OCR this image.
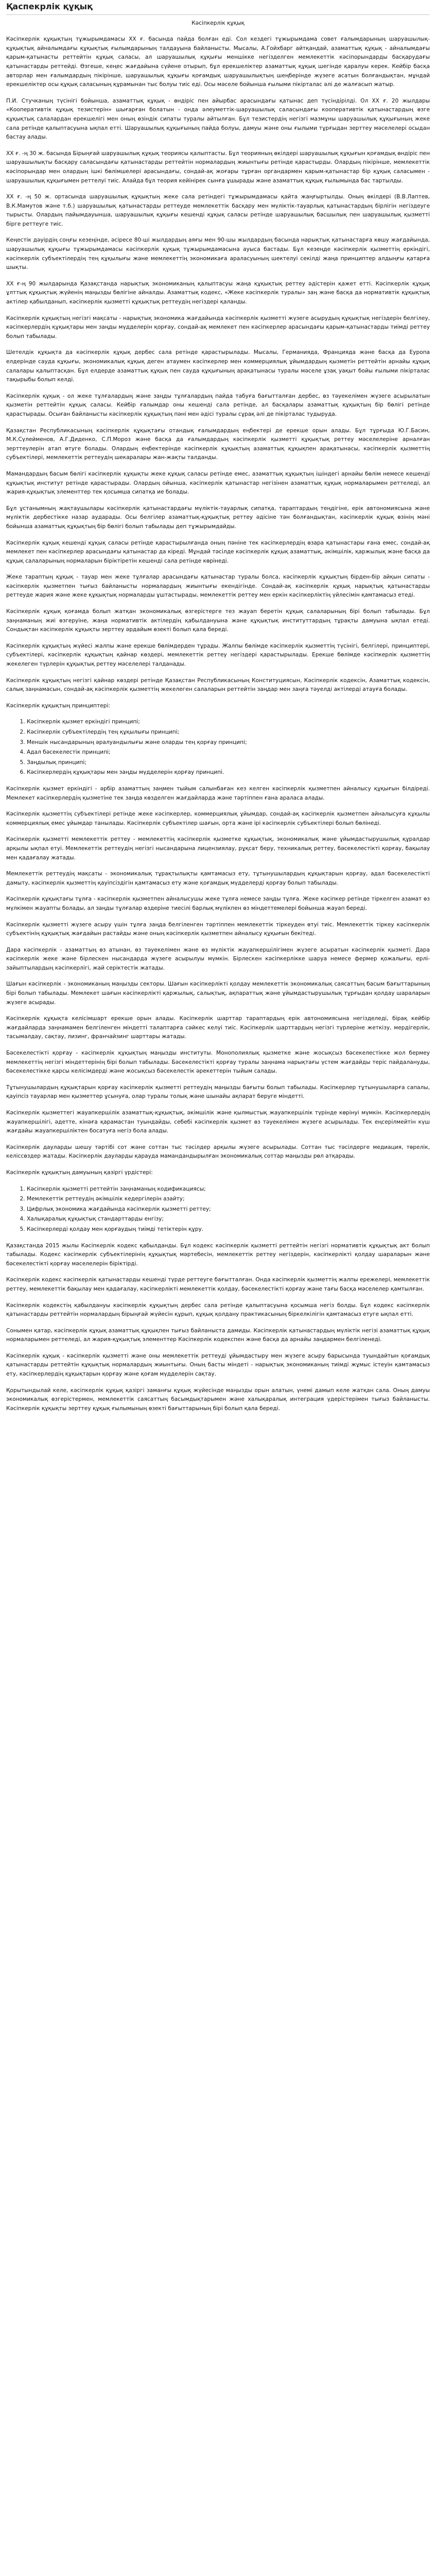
Қаспекрлік құқық

Кәсіпкерлік құқық

Кәсіпкерлік құқықтың тұжырымдамасы ХХ ғ. басында пайда болған еді. Сол кездегі тұжырымдама совет ғалымдарының шаруашылық-құқықтық айналымдағы құқықтық ғылымдарының талдауына байланысты. Мысалы, А.Гойхбарг айтқандай, азаматтық құқық - айналымдағы қарым-қатынасты реттейтін құқық саласы, ал шаруашылық құқығы меншікке негізделген мемлекеттік кәсіпорындарды басқарудағы қатынастарды реттейді. Өзгеше, кеңес жағдайына сүйене отырып, бұл ерекшеліктер азаматтық құқық шегінде қаралуы керек. Кейбір басқа авторлар мен ғалымдардың пікірінше, шаруашылық құқығы қоғамдық шаруашылықтың шеңберінде жүзеге асатын болғандықтан, мұндай ерекшеліктер осы құқық саласының құрамынан тыс болуы тиіс еді. Осы мәселе бойынша ғылыми пікірталас әлі де жалғасып жатыр.

П.И. Стучканың түсінігі бойынша, азаматтық құқық - өндіріс пен айырбас арасындағы қатынас деп түсіндірілді. Ол ХХ ғ. 20 жылдары «Кооперативтік құқық тезистерін» шығарған болатын - онда әлеуметтік-шаруашылық саласындағы кооперативтік қатынастардың өзге құқықтық салалардан ерекшелігі мен оның өзіндік сипаты туралы айтылған. Бұл тезистердің негізгі мазмұны шаруашылық құқығының жеке сала ретінде қалыптасуына ықпал етті. Шаруашылық құқығының пайда болуы, дамуы және оны ғылыми тұрғыдан зерттеу мәселелері осыдан бастау алады.

ХХ ғ. -ң 30 ж. басында Бірыңғай шаруашылық құқық теориясы қалыптасты. Бұл теорияның өкілдері шаруашылық құқығын қоғамдық өндіріс пен шаруашылықты басқару саласындағы қатынастарды реттейтін нормалардың жиынтығы ретінде қарастырды. Олардың пікірінше, мемлекеттік кәсіпорындар мен олардың ішкі бөлімшелері арасындағы, сондай-ақ жоғары тұрған органдармен қарым-қатынастар бір құқық саласымен - шаруашылық құқығымен реттелуі тиіс. Алайда бұл теория кейінірек сынға ұшырады және азаматтық құқық ғылымында бас тартылды.

ХХ ғ. -ң 50 ж. ортасында шаруашылық құқықтың жеке сала ретіндегі тұжырымдамасы қайта жаңғыртылды. Оның өкілдері (В.В.Лаптев, В.К.Мамутов және т.б.) шаруашылық қатынастарды реттеуде мемлекеттік басқару мен мүліктік-тауарлық қатынастардың бірлігін негіздеуге тырысты. Олардың пайымдауынша, шаруашылық құқығы кешенді құқық саласы ретінде шаруашылық басшылық пен шаруашылық қызметті бірге реттеуге тиіс.

Кеңестік дәуірдің соңғы кезеңінде, әсіресе 80-ші жылдардың аяғы мен 90-шы жылдардың басында нарықтық қатынастарға көшу жағдайында, шаруашылық құқығы тұжырымдамасы кәсіпкерлік құқық тұжырымдамасына ауыса бастады. Бұл кезеңде кәсіпкерлік қызметтің еркіндігі, кәсіпкерлік субъектілердің тең құқылығы және мемлекеттің экономикаға араласуының шектелуі секілді жаңа принциптер алдыңғы қатарға шықты.

ХХ ғ-ң 90 жылдарында Қазақстанда нарықтық экономиканың қалыптасуы жаңа құқықтық реттеу әдістерін қажет етті. Кәсіпкерлік құқық ұлттық құқықтық жүйенің маңызды бөлігіне айналды. Азаматтық кодекс, «Жеке кәсіпкерлік туралы» заң және басқа да нормативтік құқықтық актілер қабылданып, кәсіпкерлік қызметті құқықтық реттеудің негіздері қаланды.

Кәсіпкерлік құқықтың негізгі мақсаты - нарықтық экономика жағдайында кәсіпкерлік қызметті жүзеге асырудың құқықтық негіздерін белгілеу, кәсіпкерлердің құқықтары мен заңды мүдделерін қорғау, сондай-ақ мемлекет пен кәсіпкерлер арасындағы қарым-қатынастарды тиімді реттеу болып табылады.

Шетелдік құқықта да кәсіпкерлік құқық дербес сала ретінде қарастырылады. Мысалы, Германияда, Францияда және басқа да Еуропа елдерінде сауда құқығы, экономикалық құқық деген атаумен кәсіпкерлер мен коммерциялық ұйымдардың қызметін реттейтін арнайы құқық салалары қалыптасқан. Бұл елдерде азаматтық құқық пен сауда құқығының арақатынасы туралы мәселе ұзақ уақыт бойы ғылыми пікірталас тақырыбы болып келді.

Кәсіпкерлік құқық - ол жеке тұлғалардың және заңды тұлғалардың пайда табуға бағытталған дербес, өз тәуекелімен жүзеге асырылатын қызметін реттейтін құқық саласы. Кейбір ғалымдар оны кешенді сала ретінде, ал басқалары азаматтық құқықтың бір бөлігі ретінде қарастырады. Осыған байланысты кәсіпкерлік құқықтың пәні мен әдісі туралы сұрақ әлі де пікірталас тудыруда.

Қазақстан Республикасының кәсіпкерлік құқықтағы отандық ғалымдардың еңбектері де ерекше орын алады. Бұл тұрғыда Ю.Г.Басин, М.К.Сүлейменов, А.Г.Диденко, С.П.Мороз және басқа да ғалымдардың кәсіпкерлік қызметті құқықтық реттеу мәселелеріне арналған зерттеулерін атап өтуге болады. Олардың еңбектерінде кәсіпкерлік құқықтың азаматтық құқықпен арақатынасы, кәсіпкерлік қызметтің субъектілері, мемлекеттік реттеудің шекаралары жан-жақты талданды.

Мамандардың басым бөлігі кәсіпкерлік құқықты жеке құқық саласы ретінде емес, азаматтық құқықтың ішіндегі арнайы бөлім немесе кешенді құқықтық институт ретінде қарастырады. Олардың ойынша, кәсіпкерлік қатынастар негізінен азаматтық құқық нормаларымен реттеледі, ал жария-құқықтық элементтер тек қосымша сипатқа ие болады.

Бұл ұстанымның жақтаушылары кәсіпкерлік қатынастардағы мүліктік-тауарлық сипатқа, тараптардың теңдігіне, ерік автономиясына және мүліктік дербестікке назар аударады. Осы белгілер азаматтық-құқықтық реттеу әдісіне тән болғандықтан, кәсіпкерлік құқық өзінің мәні бойынша азаматтық құқықтың бір бөлігі болып табылады деп тұжырымдайды.

Кәсіпкерлік құқық кешенді құқық саласы ретінде қарастырылғанда оның пәніне тек кәсіпкерлердің өзара қатынастары ғана емес, сондай-ақ мемлекет пен кәсіпкерлер арасындағы қатынастар да кіреді. Мұндай тәсілде кәсіпкерлік құқық азаматтық, әкімшілік, қаржылық және басқа да құқық салаларының нормаларын біріктіретін кешенді сала ретінде көрінеді.

Жеке тараптың құқық - тауар мен жеке тұлғалар арасындағы қатынастар туралы болса, кәсіпкерлік құқықтың бірден-бір айқын сипаты - кәсіпкерлік қызметпен тығыз байланысты нормалардың жиынтығы екендігінде. Сондай-ақ кәсіпкерлік құқық нарықтық қатынастарды реттеуде жария және жеке құқықтық нормаларды ұштастырады, мемлекеттік реттеу мен еркін кәсіпкерліктің үйлесімін қамтамасыз етеді.

Кәсіпкерлік құқық қоғамда болып жатқан экономикалық өзгерістерге тез жауап беретін құқық салаларының бірі болып табылады. Бұл заңнаманың жиі өзгеруіне, жаңа нормативтік актілердің қабылдануына және құқықтық институттардың тұрақты дамуына ықпал етеді. Сондықтан кәсіпкерлік құқықты зерттеу әрдайым өзекті болып қала береді.

Кәсіпкерлік құқықтың жүйесі жалпы және ерекше бөлімдерден тұрады. Жалпы бөлімде кәсіпкерлік қызметтің түсінігі, белгілері, принциптері, субъектілері, кәсіпкерлік құқықтың қайнар көздері, мемлекеттік реттеу негіздері қарастырылады. Ерекше бөлімде кәсіпкерлік қызметтің жекелеген түрлерін құқықтық реттеу мәселелері талданады.

Кәсіпкерлік құқықтың негізгі қайнар көздері ретінде Қазақстан Республикасының Конституциясын, Кәсіпкерлік кодексін, Азаматтық кодексін, салық заңнамасын, сондай-ақ кәсіпкерлік қызметтің жекелеген салаларын реттейтін заңдар мен заңға тәуелді актілерді атауға болады.

Кәсіпкерлік құқықтың принциптері:

1. Кәсіпкерлік қызмет еркіндігі принципі;
2. Кәсіпкерлік субъектілердің тең құқылығы принципі;
3. Меншік нысандарының әралуандылығы және оларды тең қорғау принципі;
4. Адал бәсекелестік принципі;
5. Заңдылық принципі;
6. Кәсіпкерлердің құқықтары мен заңды мүдделерін қорғау принципі.

Кәсіпкерлік қызмет еркіндігі - әрбір азаматтың заңмен тыйым салынбаған кез келген кәсіпкерлік қызметпен айналысу құқығын білдіреді. Мемлекет кәсіпкерлердің қызметіне тек заңда көзделген жағдайларда және тәртіппен ғана араласа алады.

Кәсіпкерлік қызметтің субъектілері ретінде жеке кәсіпкерлер, коммерциялық ұйымдар, сондай-ақ кәсіпкерлік қызметпен айналысуға құқылы коммерциялық емес ұйымдар танылады. Кәсіпкерлік субъектілер шағын, орта және ірі кәсіпкерлік субъектілері болып бөлінеді.

Кәсіпкерлік қызметті мемлекеттік реттеу - мемлекеттің кәсіпкерлік қызметке құқықтық, экономикалық және ұйымдастырушылық құралдар арқылы ықпал етуі. Мемлекеттік реттеудің негізгі нысандарына лицензиялау, рұқсат беру, техникалық реттеу, бәсекелестікті қорғау, бақылау мен қадағалау жатады.

Мемлекеттік реттеудің мақсаты - экономикалық тұрақтылықты қамтамасыз ету, тұтынушылардың құқықтарын қорғау, адал бәсекелестікті дамыту, кәсіпкерлік қызметтің қауіпсіздігін қамтамасыз ету және қоғамдық мүдделерді қорғау болып табылады.

Кәсіпкерлік құқықтағы тұлға - кәсіпкерлік қызметпен айналысушы жеке тұлға немесе заңды тұлға. Жеке кәсіпкер ретінде тіркелген азамат өз мүлкімен жауапты болады, ал заңды тұлғалар өздеріне тиесілі барлық мүлікпен өз міндеттемелері бойынша жауап береді.

Кәсіпкерлік қызметті жүзеге асыру үшін тұлға заңда белгіленген тәртіппен мемлекеттік тіркеуден өтуі тиіс. Мемлекеттік тіркеу кәсіпкерлік субъектінің құқықтық жағдайын растайды және оның кәсіпкерлік қызметпен айналысу құқығын бекітеді.

Дара кәсіпкерлік - азаматтың өз атынан, өз тәуекелімен және өз мүліктік жауапкершілігімен жүзеге асыратын кәсіпкерлік қызметі. Дара кәсіпкерлік жеке және бірлескен нысандарда жүзеге асырылуы мүмкін. Бірлескен кәсіпкерлікке шаруа немесе фермер қожалығы, ерлі-зайыптылардың кәсіпкерлігі, жай серіктестік жатады.

Шағын кәсіпкерлік - экономиканың маңызды секторы. Шағын кәсіпкерлікті қолдау мемлекеттік экономикалық саясаттың басым бағыттарының бірі болып табылады. Мемлекет шағын кәсіпкерлікті қаржылық, салықтық, ақпараттық және ұйымдастырушылық тұрғыдан қолдау шараларын жүзеге асырады.

Кәсіпкерлік құқықта келісімшарт ерекше орын алады. Кәсіпкерлік шарттар тараптардың ерік автономиясына негізделеді, бірақ кейбір жағдайларда заңнамамен белгіленген міндетті талаптарға сәйкес келуі тиіс. Кәсіпкерлік шарттардың негізгі түрлеріне жеткізу, мердігерлік, тасымалдау, сақтау, лизинг, франчайзинг шарттары жатады.

Бәсекелестікті қорғау - кәсіпкерлік құқықтың маңызды институты. Монополиялық қызметке және жосықсыз бәсекелестікке жол бермеу мемлекеттің негізгі міндеттерінің бірі болып табылады. Бәсекелестікті қорғау туралы заңнама нарықтағы үстем жағдайды теріс пайдалануды, бәсекелестікке қарсы келісімдерді және жосықсыз бәсекелестік әрекеттерін тыйым салады.

Тұтынушылардың құқықтарын қорғау кәсіпкерлік қызметті реттеудің маңызды бағыты болып табылады. Кәсіпкерлер тұтынушыларға сапалы, қауіпсіз тауарлар мен қызметтер ұсынуға, олар туралы толық және шынайы ақпарат беруге міндетті.

Кәсіпкерлік қызметтегі жауапкершілік азаматтық-құқықтық, әкімшілік және қылмыстық жауапкершілік түрінде көрінуі мүмкін. Кәсіпкерлердің жауапкершілігі, әдетте, кінәға қарамастан туындайды, себебі кәсіпкерлік қызмет өз тәуекелімен жүзеге асырылады. Тек еңсерілмейтін күш жағдайы жауапкершіліктен босатуға негіз бола алады.

Кәсіпкерлік дауларды шешу тәртібі сот және соттан тыс тәсілдер арқылы жүзеге асырылады. Соттан тыс тәсілдерге медиация, төрелік, келіссөздер жатады. Кәсіпкерлік дауларды қарауда мамандандырылған экономикалық соттар маңызды рөл атқарады.

Кәсіпкерлік құқықтың дамуының қазіргі үрдістері:

1. Кәсіпкерлік қызметті реттейтін заңнаманың кодификациясы;
2. Мемлекеттік реттеудің әкімшілік кедергілерін азайту;
3. Цифрлық экономика жағдайында кәсіпкерлік қызметті реттеу;
4. Халықаралық құқықтық стандарттарды енгізу;
5. Кәсіпкерлерді қолдау мен қорғаудың тиімді тетіктерін құру.

Қазақстанда 2015 жылы Кәсіпкерлік кодекс қабылданды. Бұл кодекс кәсіпкерлік қызметті реттейтін негізгі нормативтік құқықтық акт болып табылады. Кодекс кәсіпкерлік субъектілерінің құқықтық мәртебесін, мемлекеттік реттеу негіздерін, кәсіпкерлікті қолдау шараларын және бәсекелестікті қорғау мәселелерін біріктірді.

Кәсіпкерлік кодекс кәсіпкерлік қатынастарды кешенді түрде реттеуге бағытталған. Онда кәсіпкерлік қызметтің жалпы ережелері, мемлекеттік реттеу, мемлекеттік бақылау мен қадағалау, кәсіпкерлікті мемлекеттік қолдау, бәсекелестікті қорғау және тағы басқа мәселелер қамтылған.

Кәсіпкерлік кодекстің қабылдануы кәсіпкерлік құқықтың дербес сала ретінде қалыптасуына қосымша негіз болды. Бұл кодекс кәсіпкерлік қатынастарды реттейтін нормалардың бірыңғай жүйесін құрып, құқық қолдану практикасының біркелкілігін қамтамасыз етуге ықпал етті.

Сонымен қатар, кәсіпкерлік құқық азаматтық құқықпен тығыз байланыста дамиды. Кәсіпкерлік қатынастардың мүліктік негізі азаматтық құқық нормаларымен реттеледі, ал жария-құқықтық элементтер Кәсіпкерлік кодекспен және басқа да арнайы заңдармен белгіленеді.

Кәсіпкерлік құқық - кәсіпкерлік қызметті және оны мемлекеттік реттеуді ұйымдастыру мен жүзеге асыру барысында туындайтын қоғамдық қатынастарды реттейтін құқықтық нормалардың жиынтығы. Оның басты міндеті - нарықтық экономиканың тиімді жұмыс істеуін қамтамасыз ету, кәсіпкерлердің құқықтарын қорғау және қоғам мүдделерін сақтау.

Қорытындылай келе, кәсіпкерлік құқық қазіргі заманғы құқық жүйесінде маңызды орын алатын, үнемі дамып келе жатқан сала. Оның дамуы экономикалық өзгерістермен, мемлекеттік саясаттың басымдықтарымен және халықаралық интеграция үдерістерімен тығыз байланысты. Кәсіпкерлік құқықты зерттеу құқық ғылымының өзекті бағыттарының бірі болып қала береді.
